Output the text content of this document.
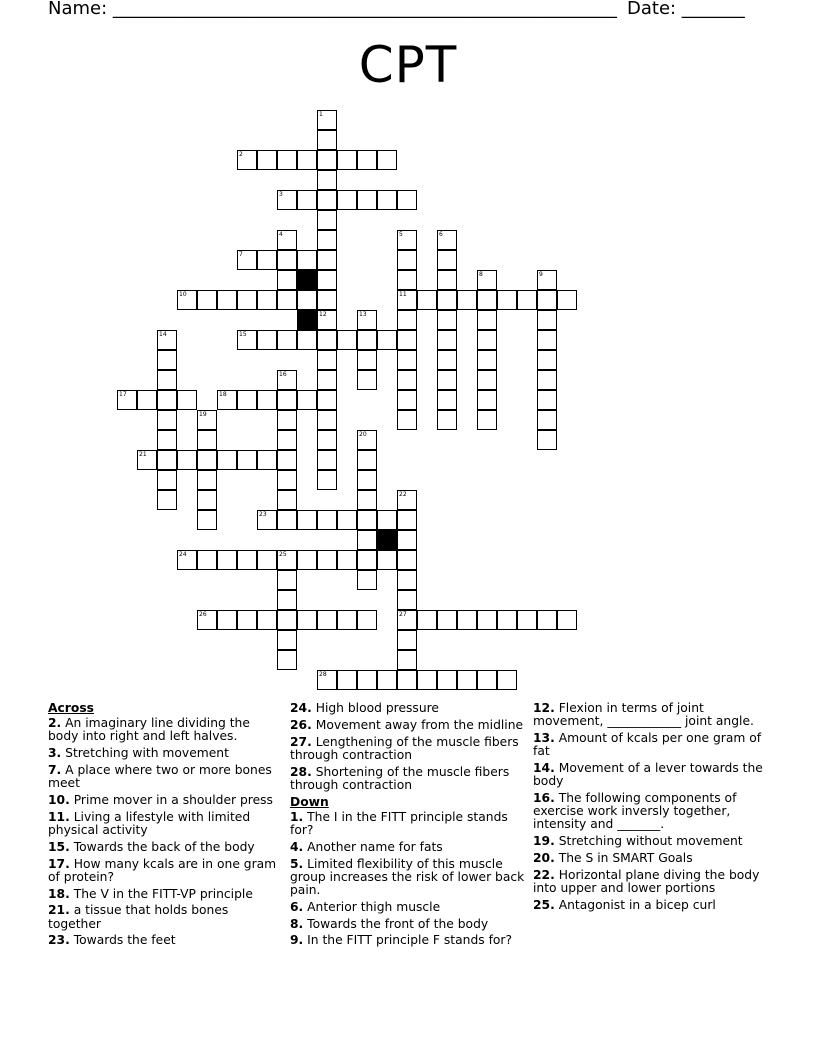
Name: ________________________________________________________ Date: _______
CPT
1
12
2
3
4	5
11
6
7
8	9
10
13
14	15
16
17	18
19
20
21
22
27
23
24	25
26
28
Across
2. An imaginary line dividing the body into right and left halves.
3. Stretching with movement
7. A place where two or more bones meet
10. Prime mover in a shoulder press
11. Living a lifestyle with limited physical activity
15. Towards the back of the body
17. How many kcals are in one gram of protein?
18. The V in the FITT-VP principle
21. a tissue that holds bones together
23. Towards the feet
24. High blood pressure
26. Movement away from the midline
27. Lengthening of the muscle fibers through contraction
28. Shortening of the muscle fibers through contraction
Down
1. The I in the FITT principle stands for?
4. Another name for fats
5. Limited flexibility of this muscle group increases the risk of lower back pain.
6. Anterior thigh muscle
8. Towards the front of the body
9. In the FITT principle F stands for?
12. Flexion in terms of joint movement, ____________ joint angle.
13. Amount of kcals per one gram of fat
14. Movement of a lever towards the body
16. The following components of exercise work inversly together, intensity and _______.
19. Stretching without movement
20. The S in SMART Goals
22. Horizontal plane diving the body into upper and lower portions
25. Antagonist in a bicep curl
